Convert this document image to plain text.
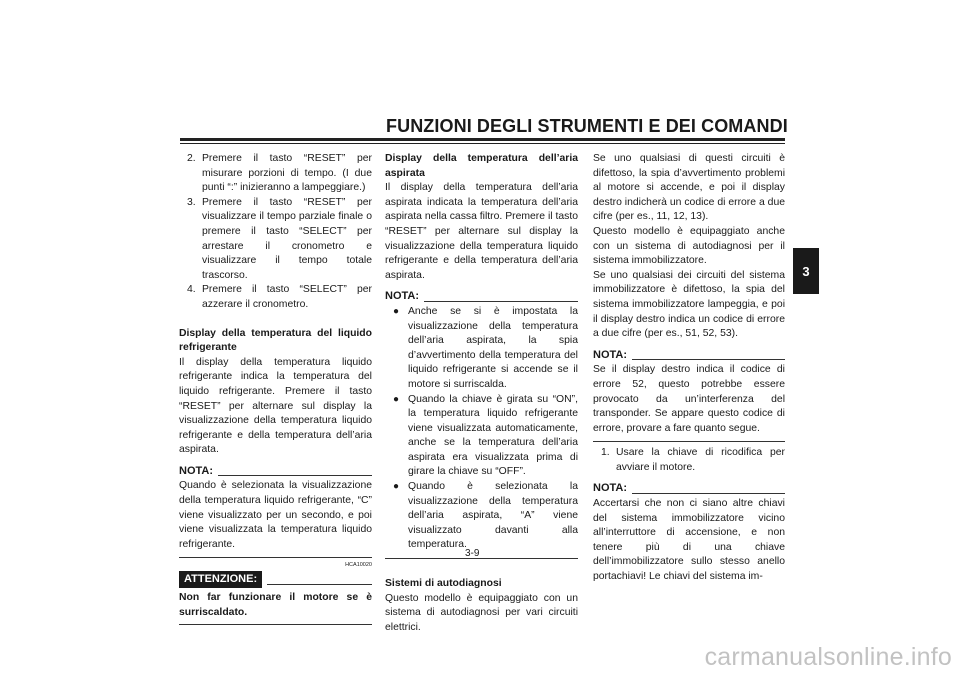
FUNZIONI DEGLI STRUMENTI E DEI COMANDI
3

2. Premere il tasto “RESET” per misurare porzioni di tempo. (I due punti “:” inizieranno a lampeggiare.)

3. Premere il tasto “RESET” per visualizzare il tempo parziale finale o premere il tasto “SELECT” per arrestare il cronometro e visualizzare il tempo totale trascorso.

4. Premere il tasto “SELECT” per azzerare il cronometro.

Display della temperatura del liquido refrigerante

Il display della temperatura liquido refrigerante indica la temperatura del liquido refrigerante. Premere il tasto “RESET” per alternare sul display la visualizzazione della temperatura liquido refrigerante e della temperatura dell’aria aspirata.

NOTA:

Quando è selezionata la visualizzazione della temperatura liquido refrigerante, “C” viene visualizzato per un secondo, e poi viene visualizzata la temperatura liquido refrigerante.

HCA10020
ATTENZIONE:

Non far funzionare il motore se è surriscaldato.

Display della temperatura dell’aria aspirata

Il display della temperatura dell’aria aspirata indicata la temperatura dell’aria aspirata nella cassa filtro. Premere il tasto “RESET” per alternare sul display la visualizzazione della temperatura liquido refrigerante e della temperatura dell’aria aspirata.

NOTA:

● Anche se si è impostata la visualizzazione della temperatura dell’aria aspirata, la spia d’avvertimento della temperatura del liquido refrigerante si accende se il motore si surriscalda.

● Quando la chiave è girata su “ON”, la temperatura liquido refrigerante viene visualizzata automaticamente, anche se la temperatura dell’aria aspirata era visualizzata prima di girare la chiave su “OFF”.

● Quando è selezionata la visualizzazione della temperatura dell’aria aspirata, “A” viene visualizzato davanti alla temperatura.

Sistemi di autodiagnosi

Questo modello è equipaggiato con un sistema di autodiagnosi per vari circuiti elettrici.

Se uno qualsiasi di questi circuiti è difettoso, la spia d’avvertimento problemi al motore si accende, e poi il display destro indicherà un codice di errore a due cifre (per es., 11, 12, 13).

Questo modello è equipaggiato anche con un sistema di autodiagnosi per il sistema immobilizzatore.

Se uno qualsiasi dei circuiti del sistema immobilizzatore è difettoso, la spia del sistema immobilizzatore lampeggia, e poi il display destro indica un codice di errore a due cifre (per es., 51, 52, 53).

NOTA:

Se il display destro indica il codice di errore 52, questo potrebbe essere provocato da un’interferenza del transponder. Se appare questo codice di errore, provare a fare quanto segue.

1. Usare la chiave di ricodifica per avviare il motore.

NOTA:

Accertarsi che non ci siano altre chiavi del sistema immobilizzatore vicino all’interruttore di accensione, e non tenere più di una chiave dell’immobilizzatore sullo stesso anello portachiavi! Le chiavi del sistema im-

3-9
carmanualsonline.info
